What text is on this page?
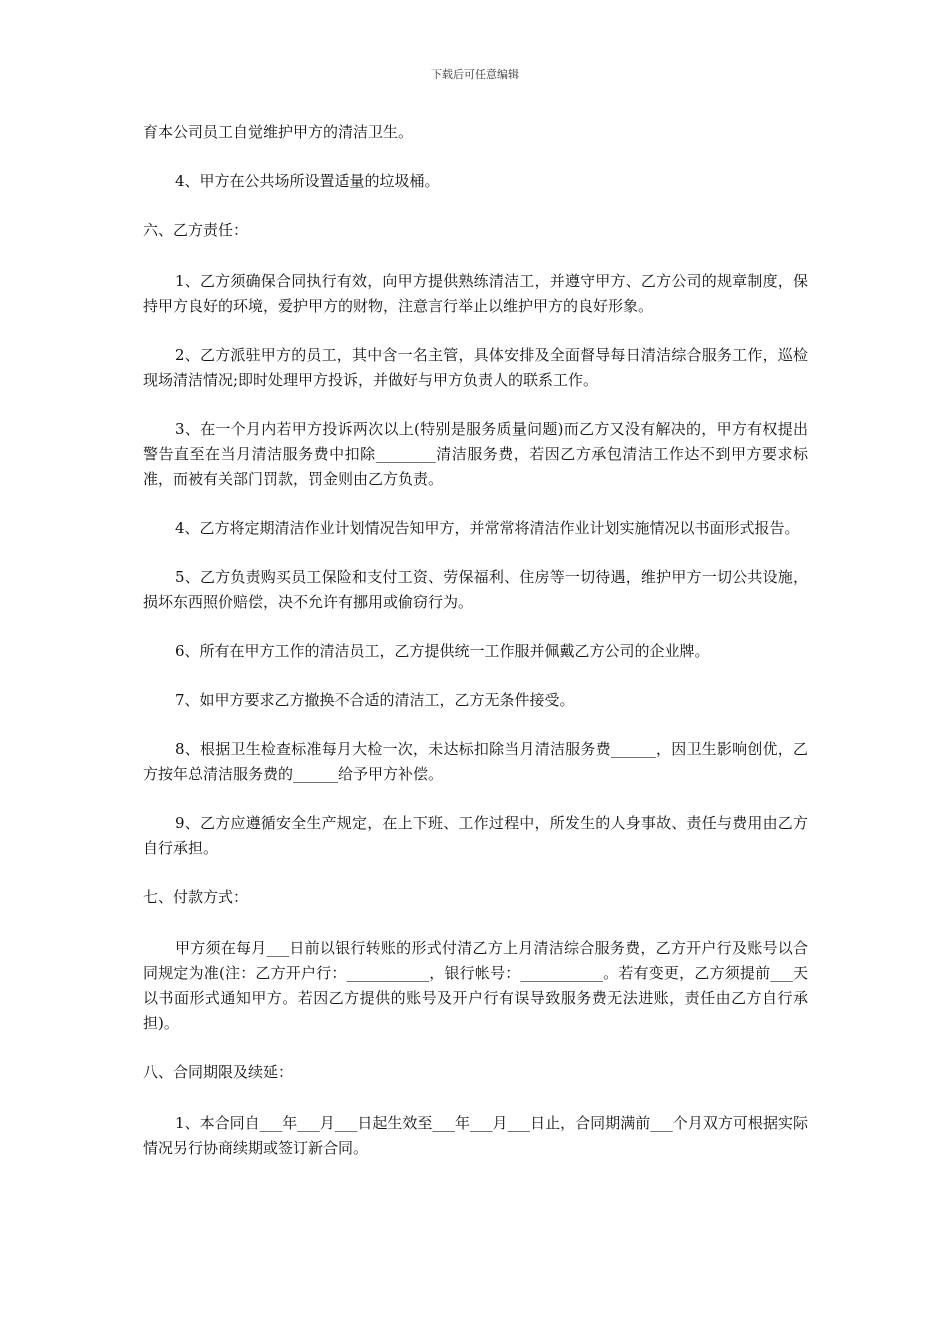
下载后可任意编辑

育本公司员工自觉维护甲方的清洁卫生。

4、甲方在公共场所设置适量的垃圾桶。

六、乙方责任：

1、乙方须确保合同执行有效，向甲方提供熟练清洁工，并遵守甲方、乙方公司的规章制度，保持甲方良好的环境，爱护甲方的财物，注意言行举止以维护甲方的良好形象。

2、乙方派驻甲方的员工，其中含一名主管，具体安排及全面督导每日清洁综合服务工作，巡检现场清洁情况;即时处理甲方投诉，并做好与甲方负责人的联系工作。

3、在一个月内若甲方投诉两次以上(特别是服务质量问题)而乙方又没有解决的，甲方有权提出警告直至在当月清洁服务费中扣除________清洁服务费，若因乙方承包清洁工作达不到甲方要求标准，而被有关部门罚款，罚金则由乙方负责。

4、乙方将定期清洁作业计划情况告知甲方，并常常将清洁作业计划实施情况以书面形式报告。

5、乙方负责购买员工保险和支付工资、劳保福利、住房等一切待遇，维护甲方一切公共设施，损坏东西照价赔偿，决不允许有挪用或偷窃行为。

6、所有在甲方工作的清洁员工，乙方提供统一工作服并佩戴乙方公司的企业牌。

7、如甲方要求乙方撤换不合适的清洁工，乙方无条件接受。

8、根据卫生检查标准每月大检一次，未达标扣除当月清洁服务费______，因卫生影响创优，乙方按年总清洁服务费的______给予甲方补偿。

9、乙方应遵循安全生产规定，在上下班、工作过程中，所发生的人身事故、责任与费用由乙方自行承担。

七、付款方式：

甲方须在每月___日前以银行转账的形式付清乙方上月清洁综合服务费，乙方开户行及账号以合同规定为准(注：乙方开户行：___________，银行帐号：___________。若有变更，乙方须提前___天以书面形式通知甲方。若因乙方提供的账号及开户行有误导致服务费无法进账，责任由乙方自行承担)。

八、合同期限及续延：

1、本合同自___年___月___日起生效至___年___月___日止，合同期满前___个月双方可根据实际情况另行协商续期或签订新合同。
